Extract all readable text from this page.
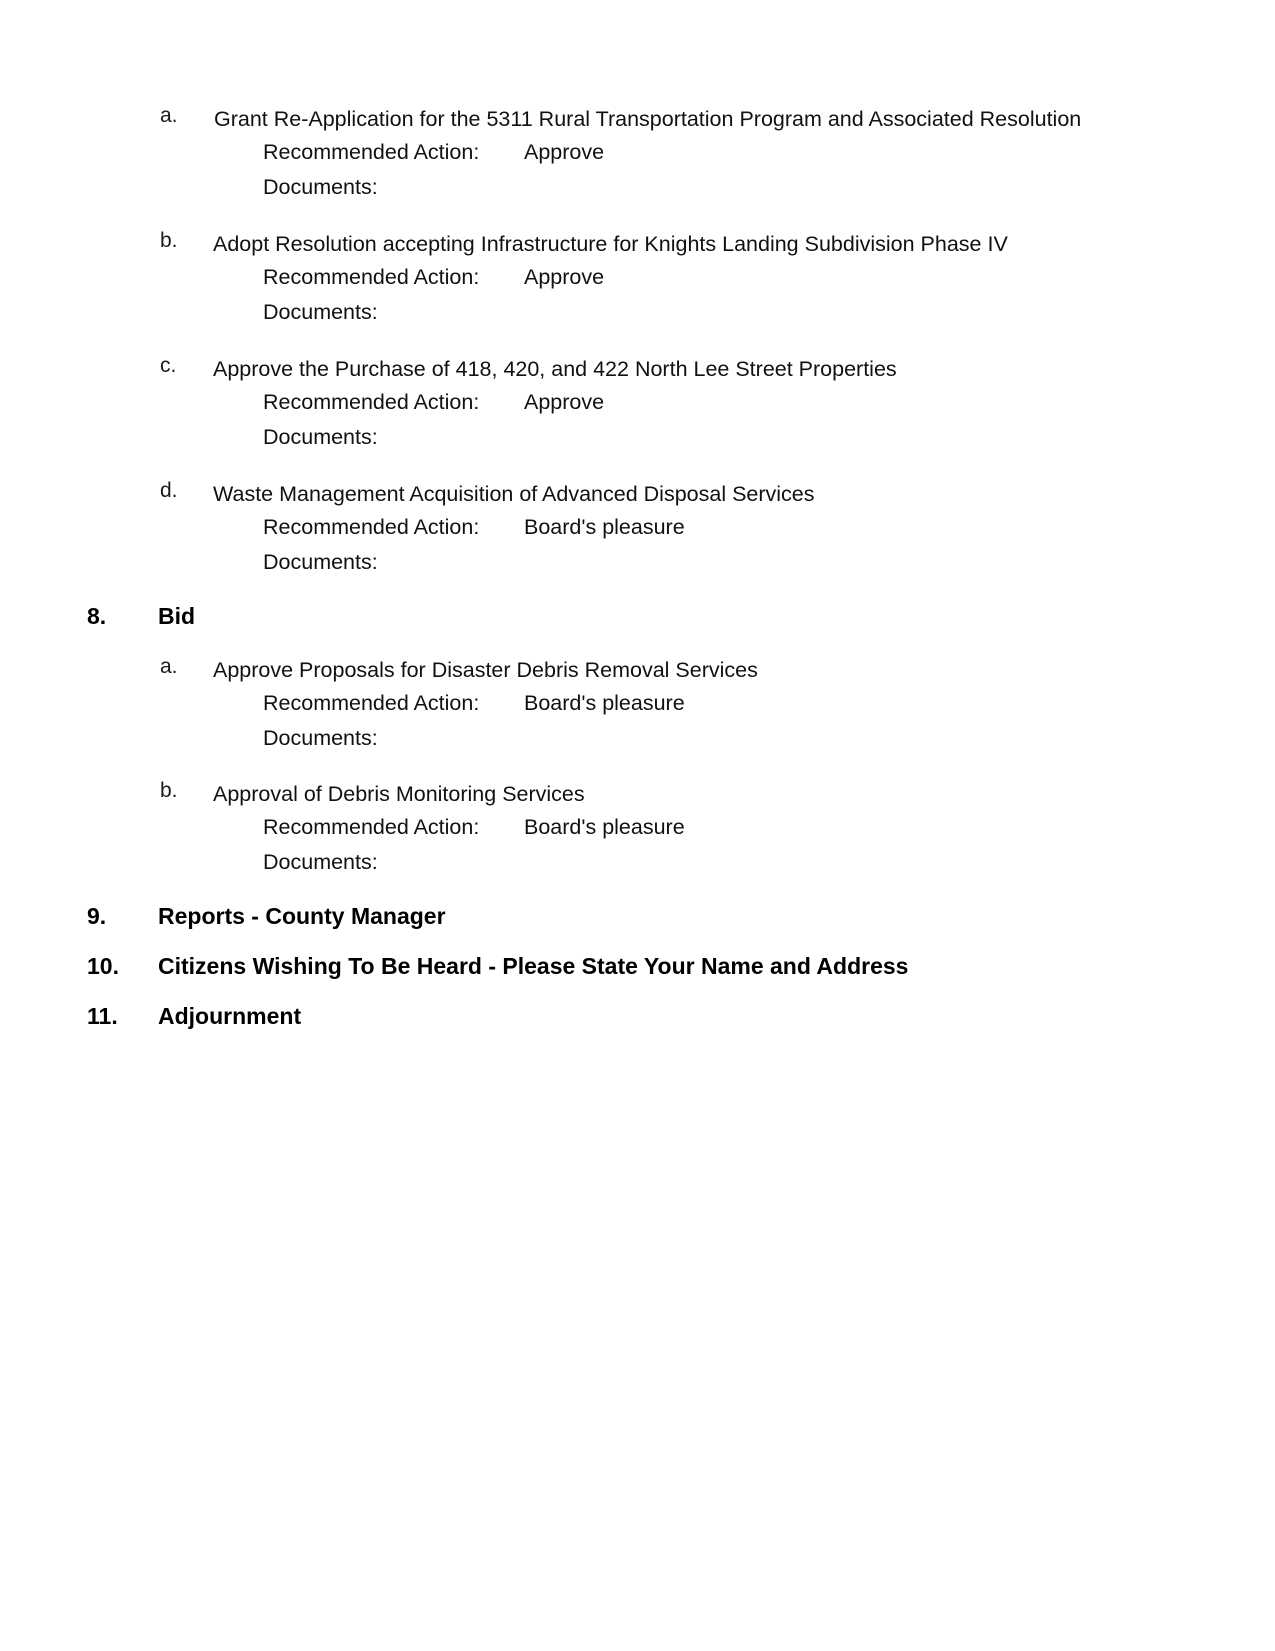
a. Grant Re-Application for the 5311 Rural Transportation Program and Associated Resolution
Recommended Action: Approve
Documents:
b. Adopt Resolution accepting Infrastructure for Knights Landing Subdivision Phase IV
Recommended Action: Approve
Documents:
c. Approve the Purchase of 418, 420, and 422 North Lee Street Properties
Recommended Action: Approve
Documents:
d. Waste Management Acquisition of Advanced Disposal Services
Recommended Action: Board's pleasure
Documents:
8. Bid
a. Approve Proposals for Disaster Debris Removal Services
Recommended Action: Board's pleasure
Documents:
b. Approval of Debris Monitoring Services
Recommended Action: Board's pleasure
Documents:
9. Reports - County Manager
10. Citizens Wishing To Be Heard - Please State Your Name and Address
11. Adjournment
